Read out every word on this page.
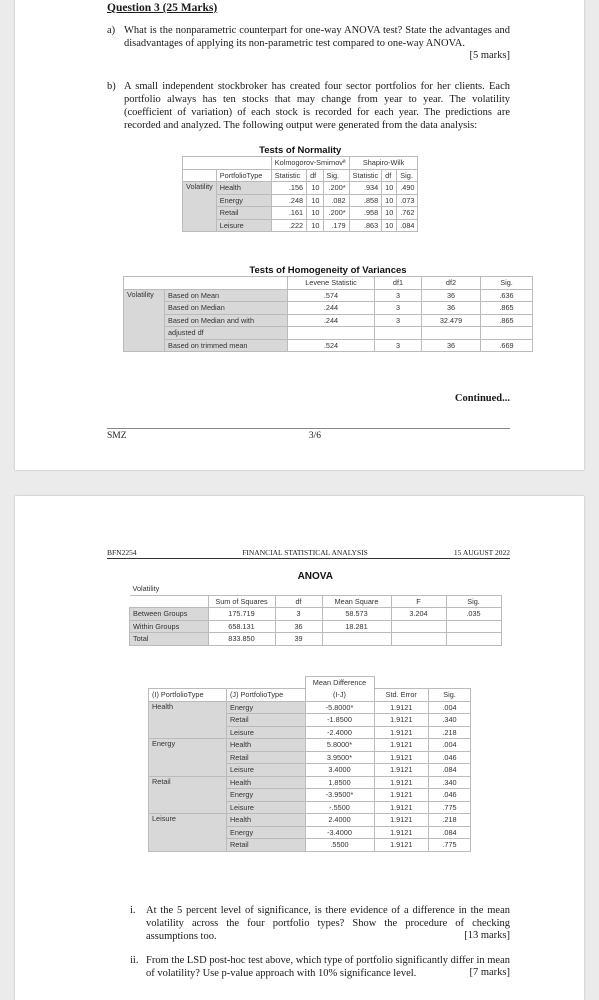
Question 3 (25 Marks)
a) What is the nonparametric counterpart for one-way ANOVA test? State the advantages and disadvantages of applying its non-parametric test compared to one-way ANOVA.
[5 marks]
b) A small independent stockbroker has created four sector portfolios for her clients. Each portfolio always has ten stocks that may change from year to year. The volatility (coefficient of variation) of each stock is recorded for each year. The predictions are recorded and analyzed. The following output were generated from the data analysis:
Tests of Normality							

		Kolmogorov-Smirnovª			Shapiro-Wilk		
	PortfolioType	Statistic	df	Sig.	Statistic	df	Sig.
Volatility	Health	.156	10	.200*	.934	10	.490
	Energy	.248	10	.082	.858	10	.073
	Retail	.161	10	.200*	.958	10	.762
	Leisure	.222	10	.179	.863	10	.084
Tests of Homogeneity of Variances					

		Levene Statistic	df1	df2	Sig.
Volatility	Based on Mean	.574	3	36	.636
	Based on Median	.244	3	36	.865
	Based on Median and with	.244	3	32.479	.865
	adjusted df				
	Based on trimmed mean	.524	3	36	.669
Continued...
SMZ	3/6
BFN2254	FINANCIAL STATISTICAL ANALYSIS	15 AUGUST 2022
ANOVA					

Volatility					
	Sum of Squares	df	Mean Square	F	Sig.
Between Groups	175.719	3	58.573	3.204	.035
Within Groups	658.131	36	18.281		
Total	833.850	39			
		Mean Difference		
(I) PortfolioType	(J) PortfolioType	(I-J)	Std. Error	Sig.
Health	Energy	-5.8000*	1.9121	.004
	Retail	-1.8500	1.9121	.340
	Leisure	-2.4000	1.9121	.218
Energy	Health	5.8000*	1.9121	.004
	Retail	3.9500*	1.9121	.046
	Leisure	3.4000	1.9121	.084
Retail	Health	1.8500	1.9121	.340
	Energy	-3.9500*	1.9121	.046
	Leisure	-.5500	1.9121	.775
Leisure	Health	2.4000	1.9121	.218
	Energy	-3.4000	1.9121	.084
	Retail	.5500	1.9121	.775
i. At the 5 percent level of significance, is there evidence of a difference in the mean volatility across the four portfolio types? Show the procedure of checking assumptions too.	[13 marks]
ii. From the LSD post-hoc test above, which type of portfolio significantly differ in mean of volatility? Use p-value approach with 10% significance level.	[7 marks]
